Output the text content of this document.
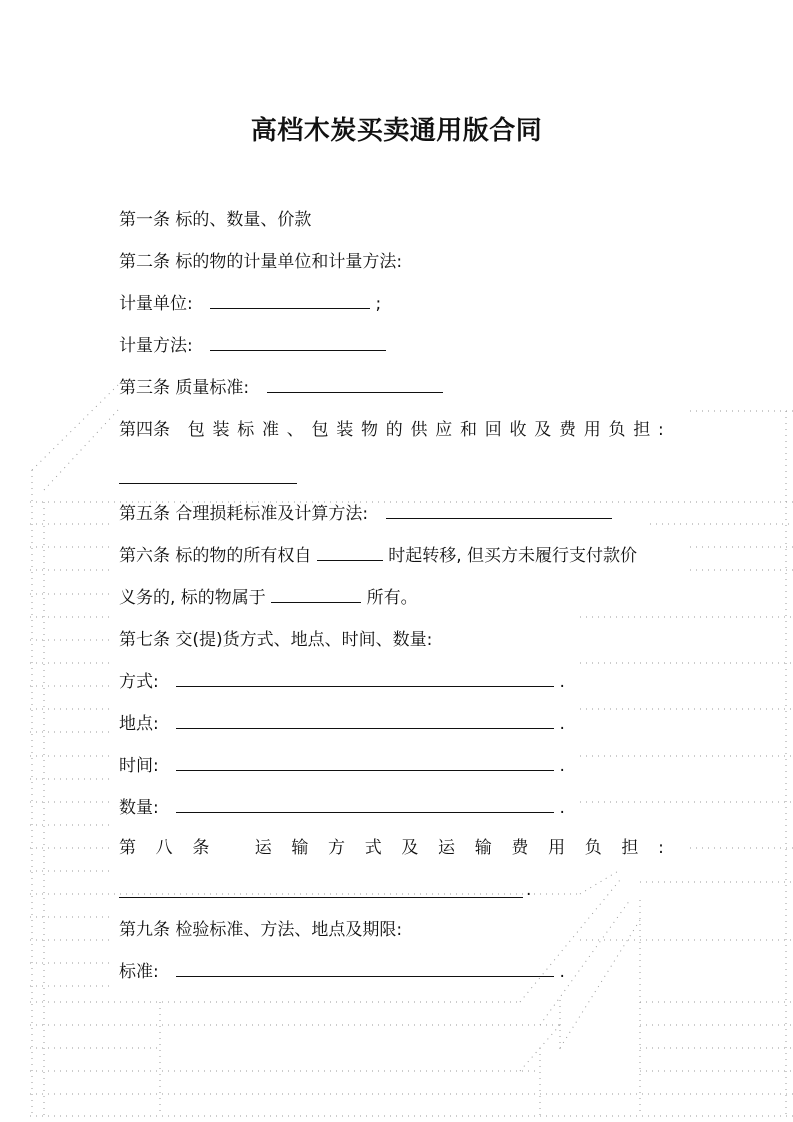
高档木炭买卖通用版合同
第一条 标的、数量、价款
第二条 标的物的计量单位和计量方法:
计量单位:	;
计量方法:
第三条 质量标准:
第四条 包 装 标 准 、 包 装 物 的 供 应 和 回 收 及 费 用 负 担 :
第五条 合理损耗标准及计算方法:
第六条 标的物的所有权自	时起转移, 但买方未履行支付款价
义务的, 标的物属于	所有。
第七条 交(提)货方式、地点、时间、数量:
方式:	.
地点:	.
时间:	.
数量:	.
第 八 条	运 输 方 式 及 运 输 费 用 负 担 :
.
第九条 检验标准、方法、地点及期限:
标准:	.
